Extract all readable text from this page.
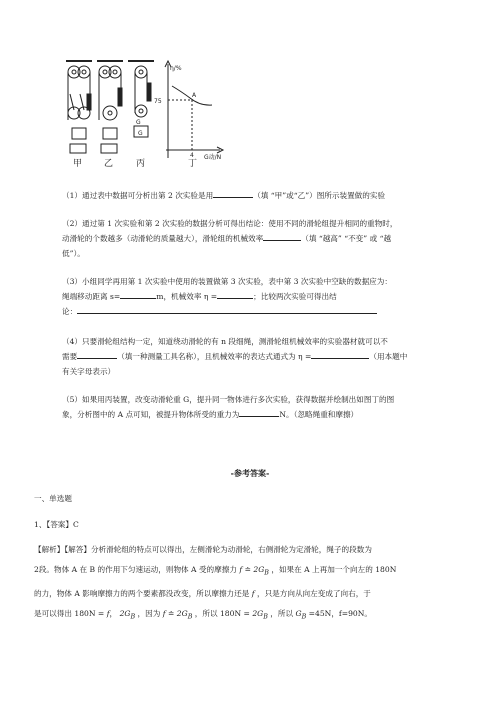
G
G
η/%
75
4 G动/N
A
甲 乙	丙	丁

（1）通过表中数据可分析出第 2 次实验是用	（填 “甲”或“乙”）图所示装置做的实验

（2）通过第 1 次实验和第 2 次实验的数据分析可得出结论：使用不同的滑轮组提升相同的重物时，

动滑轮的个数越多（动滑轮的质量越大），滑轮组的机械效率	（填 “越高” “不变” 或 “越

低”）。

（3）小组同学再用第 1 次实验中使用的装置做第 3 次实验，表中第 3 次实验中空缺的数据应为：

绳端移动距离 s=	m，机械效率 η =	；比较两次实验可得出结

论：

（4）只要滑轮组结构一定，知道绕动滑轮的有 n 段细绳，测滑轮组机械效率的实验器材就可以不

需要	（填一种测量工具名称），且机械效率的表达式通式为 η =	（用本题中

有关字母表示）

（5）如果用丙装置，改变动滑轮重 G，提升同一物体进行多次实验，获得数据并绘制出如图丁的图

象，分析图中的 A 点可知，被提升物体所受的重力为	N。（忽略绳重和摩擦）

-参考答案-
一、单选题
1、【答案】C

【解析】【解答】分析滑轮组的特点可以得出，左侧滑轮为动滑轮，右侧滑轮为定滑轮，绳子的段数为

2段。物体 A 在 B 的作用下匀速运动，则物体 A 受的摩擦力 f ≐ $2G_B$ ，如果在 A 上再加一个向左的 180N

的力，物体 A 影响摩擦力的两个要素都没改变，所以摩擦力还是 f ，只是方向从向左变成了向右，于

是可以得出 180N = f， $2G_B$ ，因为 f ≐ $2G_B$ ，所以 $180N = 2G_B$ ，所以 $G_B =45N$，f=90N。
